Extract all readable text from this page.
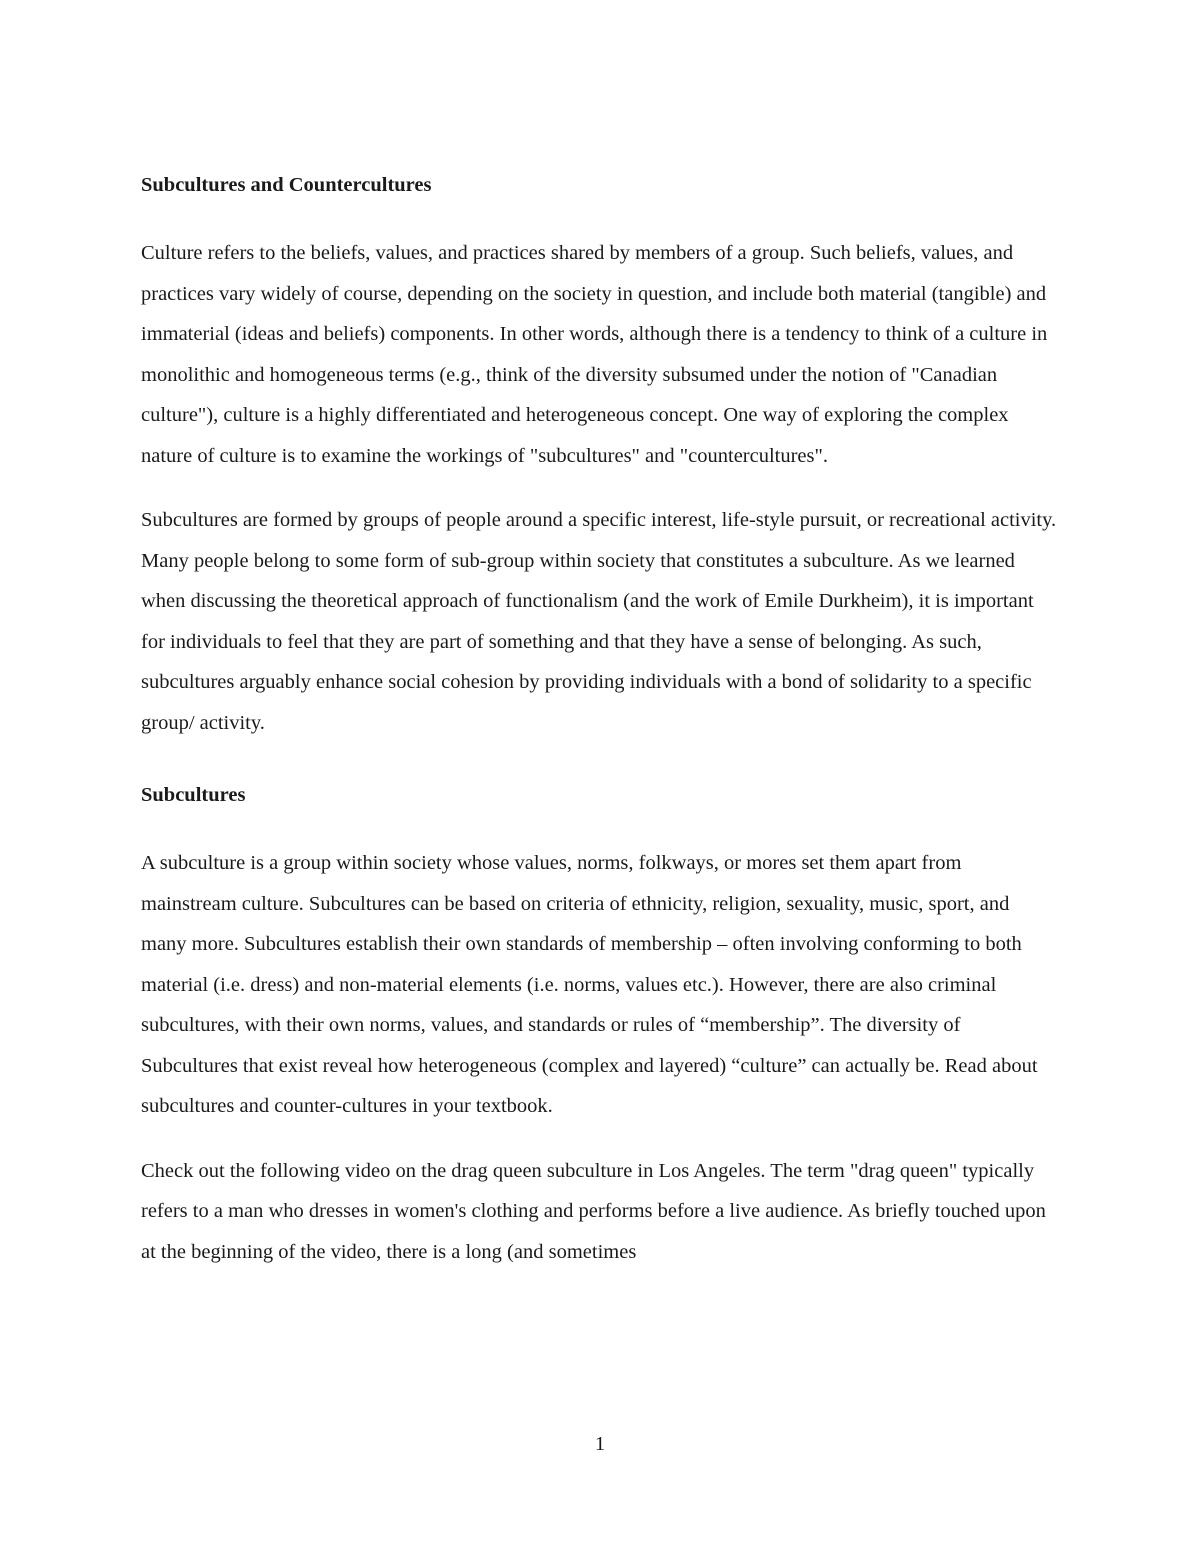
Subcultures and Countercultures

Culture refers to the beliefs, values, and practices shared by members of a group. Such beliefs, values, and practices vary widely of course, depending on the society in question, and include both material (tangible) and immaterial (ideas and beliefs) components. In other words, although there is a tendency to think of a culture in monolithic and homogeneous terms (e.g., think of the diversity subsumed under the notion of "Canadian culture"), culture is a highly differentiated and heterogeneous concept. One way of exploring the complex nature of culture is to examine the workings of "subcultures" and "countercultures".

Subcultures are formed by groups of people around a specific interest, life-style pursuit, or recreational activity. Many people belong to some form of sub-group within society that constitutes a subculture. As we learned when discussing the theoretical approach of functionalism (and the work of Emile Durkheim), it is important for individuals to feel that they are part of something and that they have a sense of belonging. As such, subcultures arguably enhance social cohesion by providing individuals with a bond of solidarity to a specific group/ activity.

Subcultures

A subculture is a group within society whose values, norms, folkways, or mores set them apart from mainstream culture. Subcultures can be based on criteria of ethnicity, religion, sexuality, music, sport, and many more. Subcultures establish their own standards of membership – often involving conforming to both material (i.e. dress) and non-material elements (i.e. norms, values etc.). However, there are also criminal subcultures, with their own norms, values, and standards or rules of “membership”. The diversity of Subcultures that exist reveal how heterogeneous (complex and layered) “culture” can actually be. Read about subcultures and counter-cultures in your textbook.

Check out the following video on the drag queen subculture in Los Angeles. The term "drag queen" typically refers to a man who dresses in women's clothing and performs before a live audience. As briefly touched upon at the beginning of the video, there is a long (and sometimes

1
